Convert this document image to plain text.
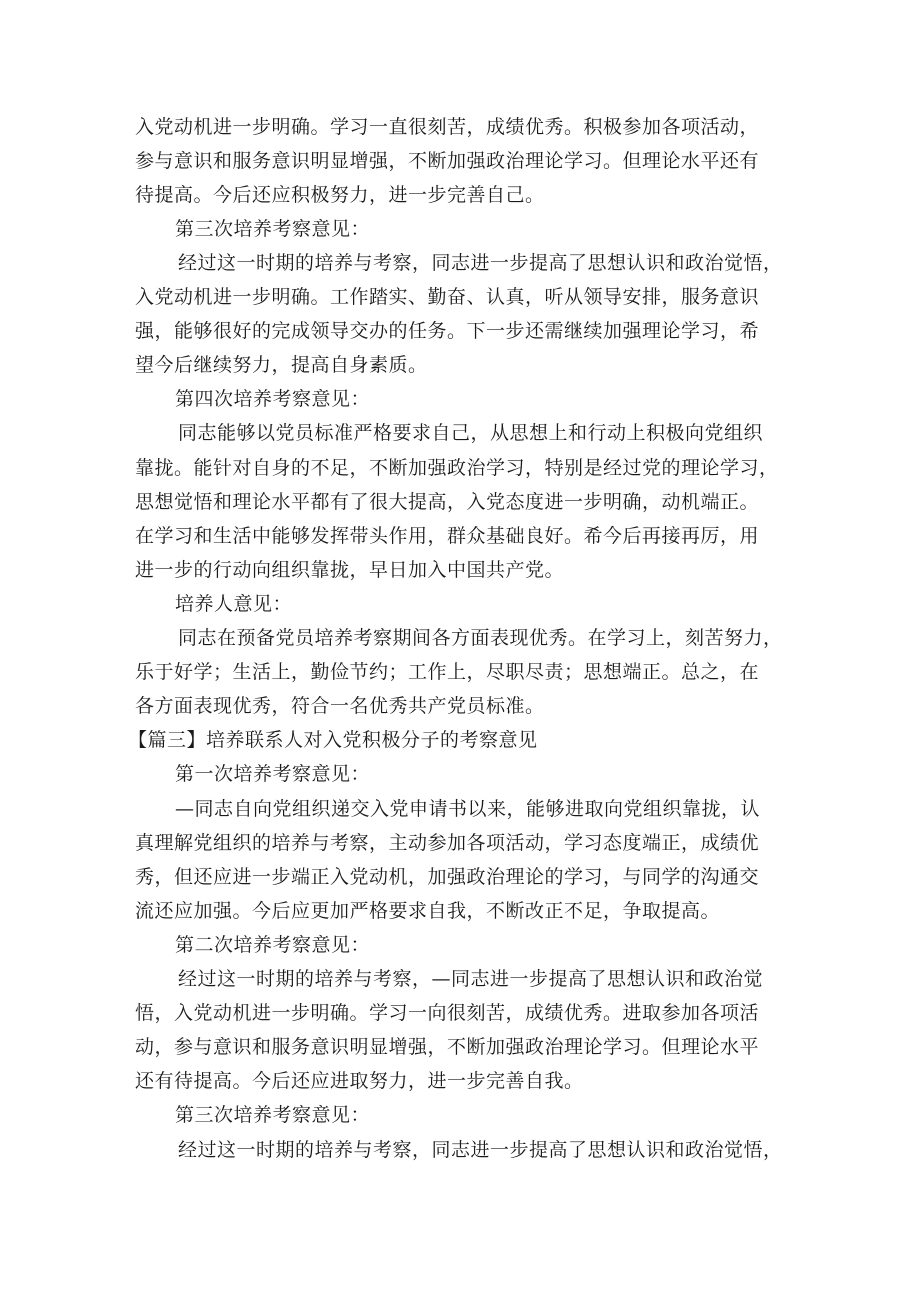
入党动机进一步明确。学习一直很刻苦，成绩优秀。积极参加各项活动，
参与意识和服务意识明显增强，不断加强政治理论学习。但理论水平还有
待提高。今后还应积极努力，进一步完善自己。
第三次培养考察意见：
经过这一时期的培养与考察，同志进一步提高了思想认识和政治觉悟，
入党动机进一步明确。工作踏实、勤奋、认真，听从领导安排，服务意识
强，能够很好的完成领导交办的任务。下一步还需继续加强理论学习，希
望今后继续努力，提高自身素质。
第四次培养考察意见：
同志能够以党员标准严格要求自己，从思想上和行动上积极向党组织
靠拢。能针对自身的不足，不断加强政治学习，特别是经过党的理论学习，
思想觉悟和理论水平都有了很大提高，入党态度进一步明确，动机端正。
在学习和生活中能够发挥带头作用，群众基础良好。希今后再接再厉，用
进一步的行动向组织靠拢，早日加入中国共产党。
培养人意见：
同志在预备党员培养考察期间各方面表现优秀。在学习上，刻苦努力，
乐于好学；生活上，勤俭节约；工作上，尽职尽责；思想端正。总之，在
各方面表现优秀，符合一名优秀共产党员标准。
【篇三】培养联系人对入党积极分子的考察意见
第一次培养考察意见：
—同志自向党组织递交入党申请书以来，能够进取向党组织靠拢，认
真理解党组织的培养与考察，主动参加各项活动，学习态度端正，成绩优
秀，但还应进一步端正入党动机，加强政治理论的学习，与同学的沟通交
流还应加强。今后应更加严格要求自我，不断改正不足，争取提高。
第二次培养考察意见：
经过这一时期的培养与考察，—同志进一步提高了思想认识和政治觉
悟，入党动机进一步明确。学习一向很刻苦，成绩优秀。进取参加各项活
动，参与意识和服务意识明显增强，不断加强政治理论学习。但理论水平
还有待提高。今后还应进取努力，进一步完善自我。
第三次培养考察意见：
经过这一时期的培养与考察，同志进一步提高了思想认识和政治觉悟，
